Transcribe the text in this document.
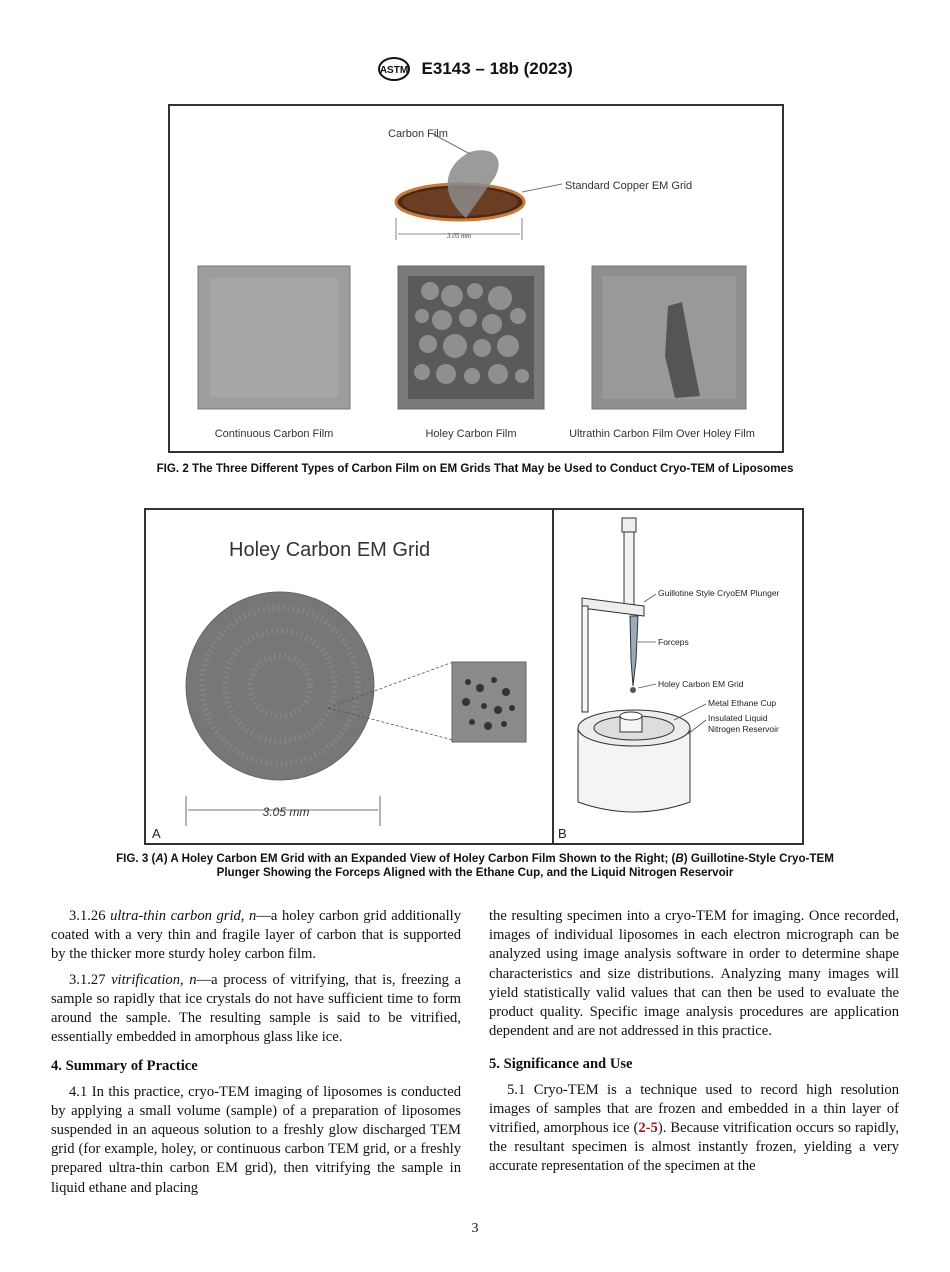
ASTM E3143 – 18b (2023)
Carbon Film
Standard Copper EM Grid
3.05 mm
Continuous Carbon Film	Holey Carbon Film	Ultrathin Carbon Film Over Holey Film
FIG. 2 The Three Different Types of Carbon Film on EM Grids That May be Used to Conduct Cryo-TEM of Liposomes
Holey Carbon EM Grid
3.05 mm
A
Guillotine Style CryoEM Plunger
Forceps
Holey Carbon EM Grid
Metal Ethane Cup
Insulated Liquid
Nitrogen Reservoir
B
FIG. 3 (A) A Holey Carbon EM Grid with an Expanded View of Holey Carbon Film Shown to the Right; (B) Guillotine-Style Cryo-TEM
Plunger Showing the Forceps Aligned with the Ethane Cup, and the Liquid Nitrogen Reservoir

3.1.26 ultra-thin carbon grid, n—a holey carbon grid additionally coated with a very thin and fragile layer of carbon that is supported by the thicker more sturdy holey carbon film.

3.1.27 vitrification, n—a process of vitrifying, that is, freezing a sample so rapidly that ice crystals do not have sufficient time to form around the sample. The resulting sample is said to be vitrified, essentially embedded in amorphous glass like ice.

4. Summary of Practice

4.1 In this practice, cryo-TEM imaging of liposomes is conducted by applying a small volume (sample) of a preparation of liposomes suspended in an aqueous solution to a freshly glow discharged TEM grid (for example, holey, or continuous carbon TEM grid, or a freshly prepared ultra-thin carbon EM grid), then vitrifying the sample in liquid ethane and placing

the resulting specimen into a cryo-TEM for imaging. Once recorded, images of individual liposomes in each electron micrograph can be analyzed using image analysis software in order to determine shape characteristics and size distributions. Analyzing many images will yield statistically valid values that can then be used to evaluate the product quality. Specific image analysis procedures are application dependent and are not addressed in this practice.

5. Significance and Use

5.1 Cryo-TEM is a technique used to record high resolution images of samples that are frozen and embedded in a thin layer of vitrified, amorphous ice (2-5). Because vitrification occurs so rapidly, the resultant specimen is almost instantly frozen, yielding a very accurate representation of the specimen at the

3
